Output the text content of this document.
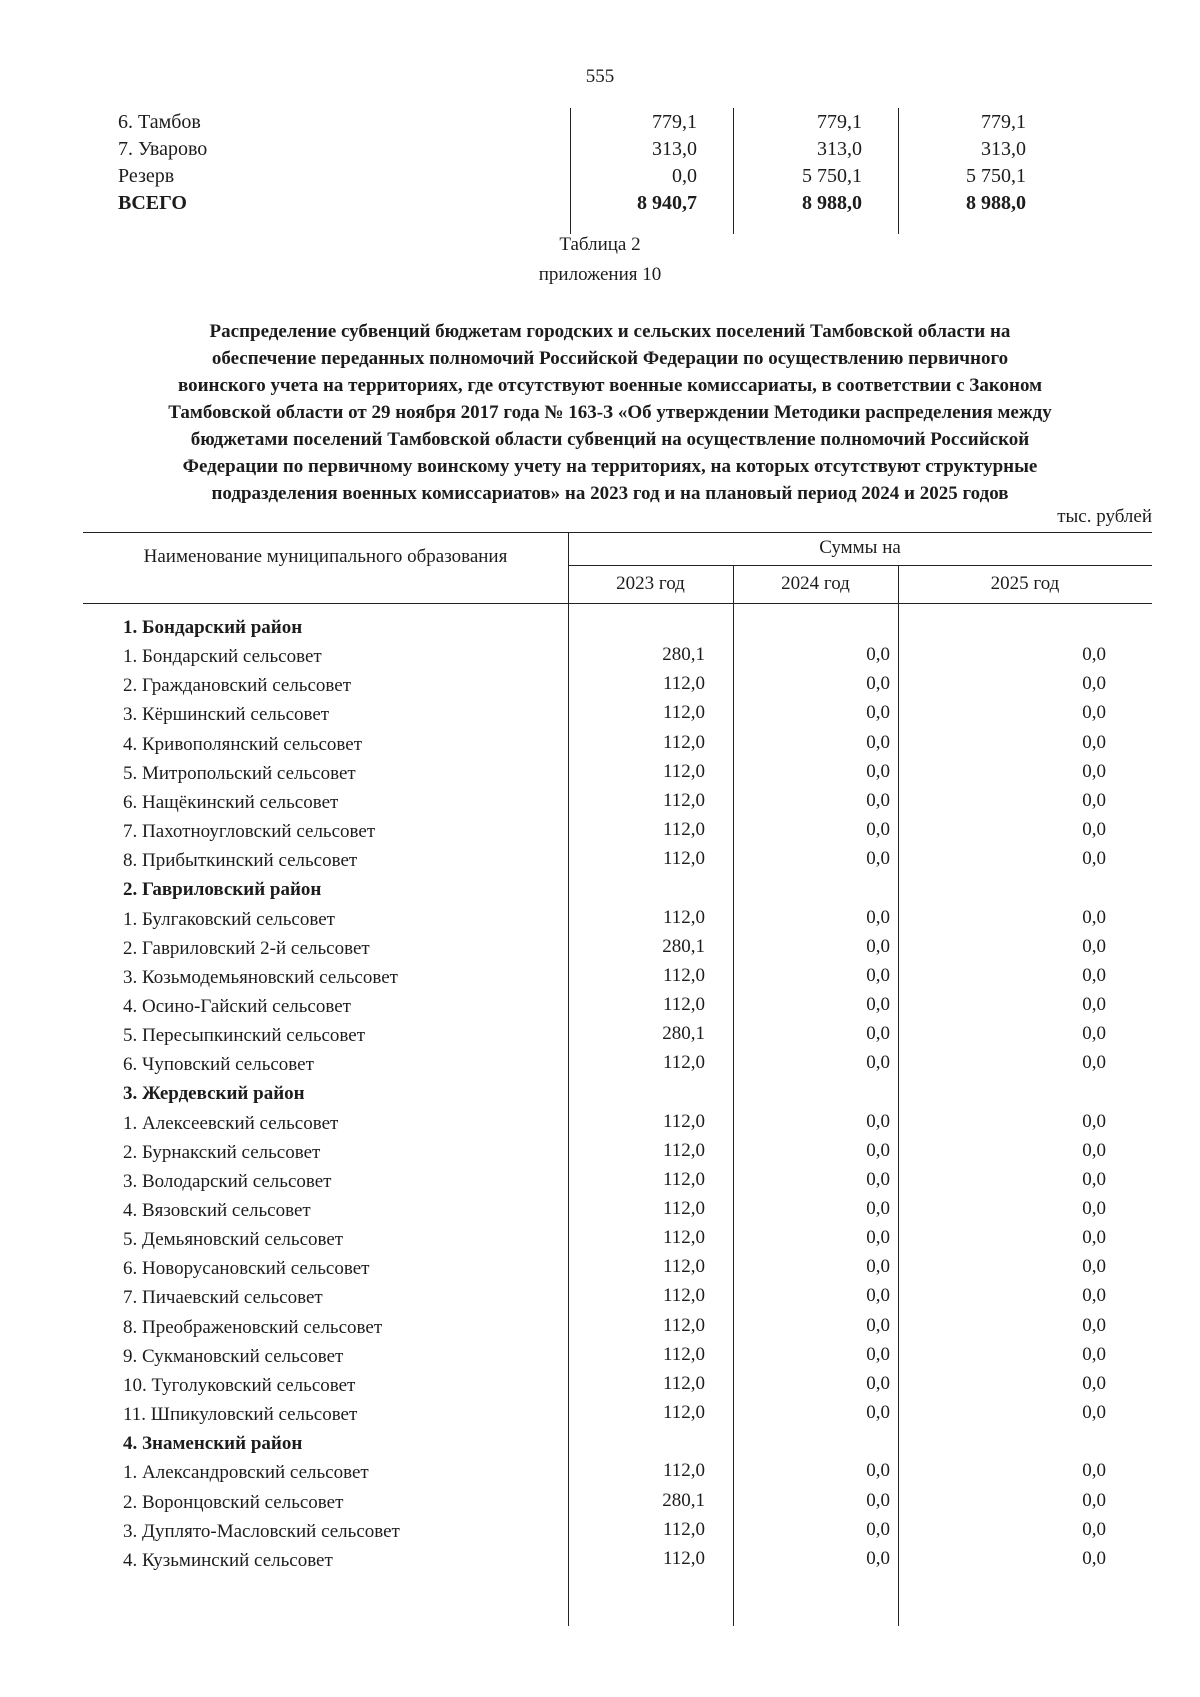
555
6. Тамбов	779,1	779,1	779,1
7. Уварово	313,0	313,0	313,0
Резерв	0,0	5 750,1	5 750,1
ВСЕГО	8 940,7	8 988,0	8 988,0
Таблица 2
приложения 10
Распределение субвенций бюджетам городских и сельских поселений Тамбовской области на
обеспечение переданных полномочий Российской Федерации по осуществлению первичного
воинского учета на территориях, где отсутствуют военные комиссариаты, в соответствии с Законом
Тамбовской области от 29 ноября 2017 года № 163-З «Об утверждении Методики распределения между
бюджетами поселений Тамбовской области субвенций на осуществление полномочий Российской
Федерации по первичному воинскому учету на территориях, на которых отсутствуют структурные
подразделения военных комиссариатов» на 2023 год и на плановый период 2024 и 2025 годов
тыс. рублей
Наименование муниципального образования	Суммы на
2023 год	2024 год	2025 год
1. Бондарский район
1. Бондарский сельсовет	280,1	0,0	0,0
2. Граждановский сельсовет	112,0	0,0	0,0
3. Кёршинский сельсовет	112,0	0,0	0,0
4. Кривополянский сельсовет	112,0	0,0	0,0
5. Митропольский сельсовет	112,0	0,0	0,0
6. Нащёкинский сельсовет	112,0	0,0	0,0
7. Пахотноугловский сельсовет	112,0	0,0	0,0
8. Прибыткинский сельсовет	112,0	0,0	0,0
2. Гавриловский район
1. Булгаковский сельсовет	112,0	0,0	0,0
2. Гавриловский 2-й сельсовет	280,1	0,0	0,0
3. Козьмодемьяновский сельсовет	112,0	0,0	0,0
4. Осино-Гайский сельсовет	112,0	0,0	0,0
5. Пересыпкинский сельсовет	280,1	0,0	0,0
6. Чуповский сельсовет	112,0	0,0	0,0
3. Жердевский район
1. Алексеевский сельсовет	112,0	0,0	0,0
2. Бурнакский сельсовет	112,0	0,0	0,0
3. Володарский сельсовет	112,0	0,0	0,0
4. Вязовский сельсовет	112,0	0,0	0,0
5. Демьяновский сельсовет	112,0	0,0	0,0
6. Новорусановский сельсовет	112,0	0,0	0,0
7. Пичаевский сельсовет	112,0	0,0	0,0
8. Преображеновский сельсовет	112,0	0,0	0,0
9. Сукмановский сельсовет	112,0	0,0	0,0
10. Туголуковский сельсовет	112,0	0,0	0,0
11. Шпикуловский сельсовет	112,0	0,0	0,0
4. Знаменский район
1. Александровский сельсовет	112,0	0,0	0,0
2. Воронцовский сельсовет	280,1	0,0	0,0
3. Дуплято-Масловский сельсовет	112,0	0,0	0,0
4. Кузьминский сельсовет	112,0	0,0	0,0
